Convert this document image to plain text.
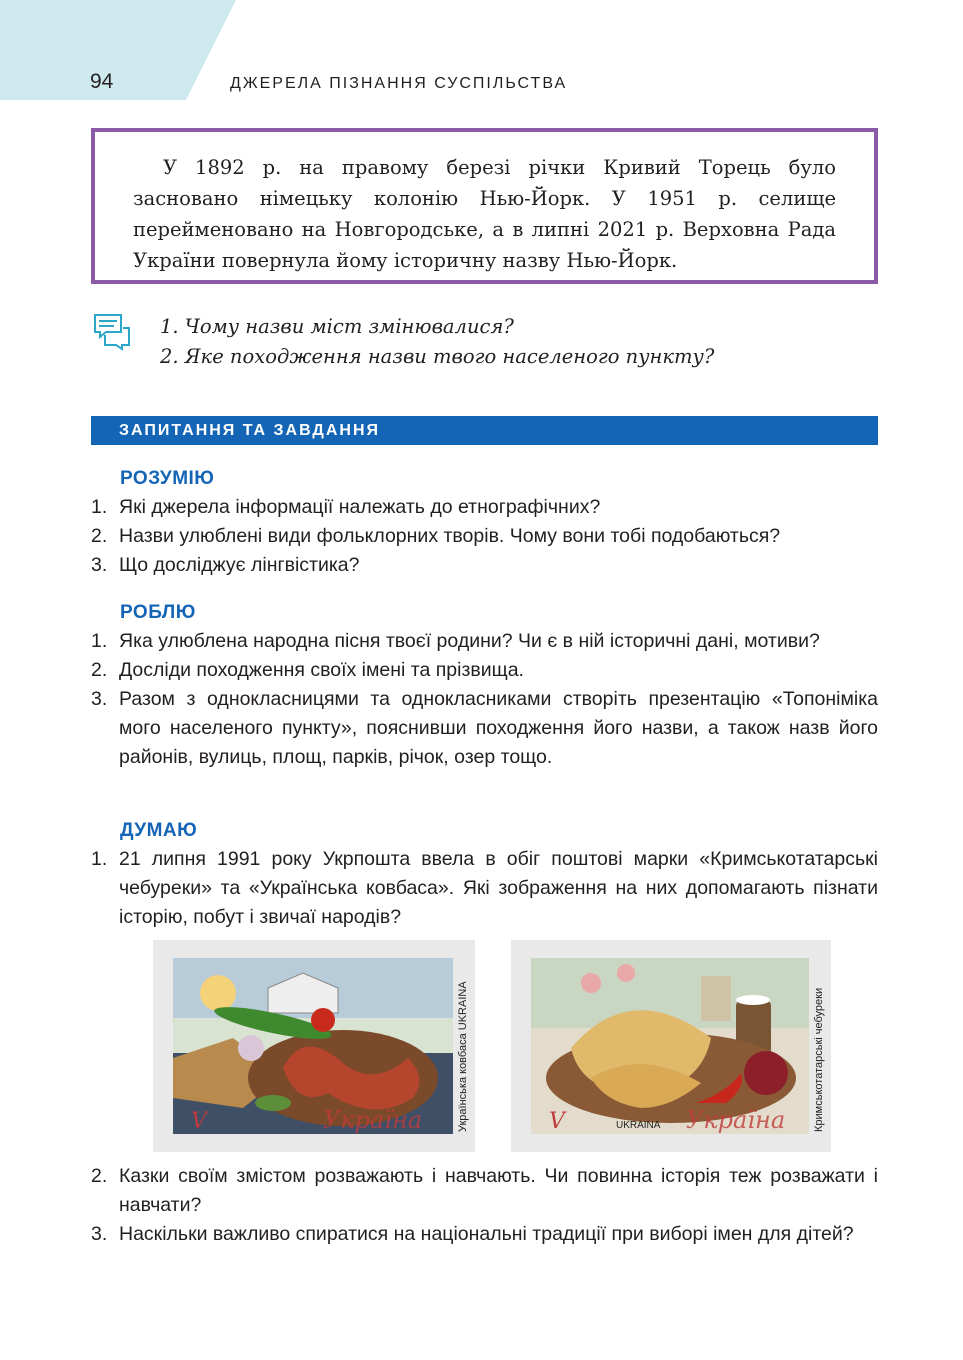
94	ДЖЕРЕЛА ПІЗНАННЯ СУСПІЛЬСТВА

У 1892 р. на правому березі річки Кривий Торець було засновано німецьку колонію Нью-Йорк. У 1951 р. селище перейменовано на Новгородське, а в липні 2021 р. Верховна Рада України повернула йому історичну назву Нью-Йорк.

1. Чому назви міст змінювалися?
2. Яке походження назви твого населеного пункту?
ЗАПИТАННЯ ТА ЗАВДАННЯ
РОЗУМІЮ
1. Які джерела інформації належать до етнографічних?
2. Назви улюблені види фольклорних творів. Чому вони тобі подобаються?
3. Що досліджує лінгвістика?
РОБЛЮ
1. Яка улюблена народна пісня твоєї родини? Чи є в ній історичні дані, мотиви?
2. Досліди походження своїх імені та прізвища.
3. Разом з однокласницями та однокласниками створіть презентацію «Топоніміка мого населеного пункту», пояснивши походження його назви, а також назв його районів, вулиць, площ, парків, річок, озер тощо.
ДУМАЮ
1. 21 липня 1991 року Укрпошта ввела в обіг поштові марки «Кримськотатарські чебуреки» та «Українська ковбаса». Які зображення на них допомагають пізнати історію, побут і звичаї народів?
V	Україна	Українська ковбаса UKRAINA
V	UKRAINA Україна	Кримськотатарські чебуреки
2. Казки своїм змістом розважають і навчають. Чи повинна історія теж розважати і навчати?
3. Наскільки важливо спиратися на національні традиції при виборі імен для дітей?
